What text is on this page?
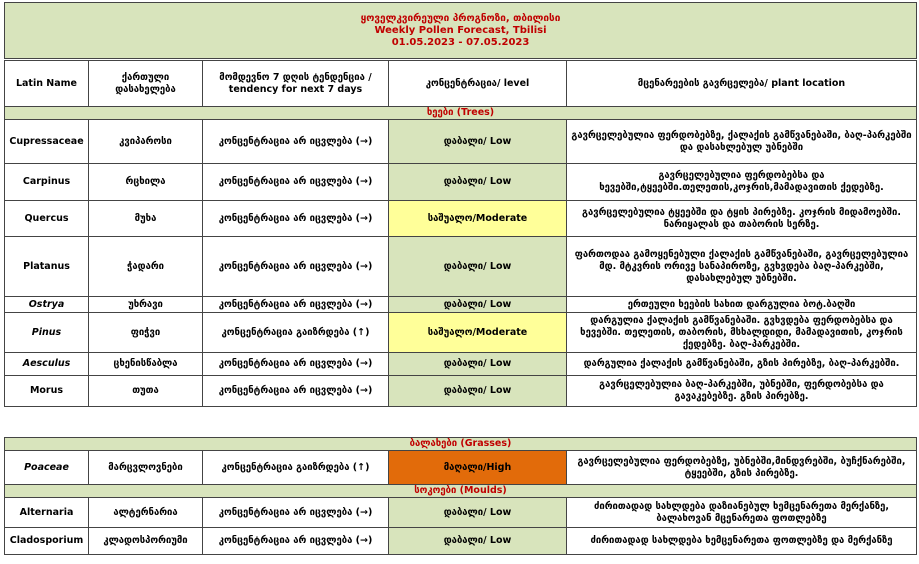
ყოველკვირეული პროგნოზი, თბილისი
Weekly Pollen Forecast, Tbilisi
01.05.2023 - 07.05.2023
Latin Name	ქართული დასახელება	მომდევნო 7 დღის ტენდენცია / tendency for next 7 days	კონცენტრაცია/ level	მცენარეების გავრცელება/ plant location
ხეები (Trees)				
Cupressaceae	კვიპაროსი	კონცენტრაცია არ იცვლება (→)	დაბალი/ Low	გავრცელებულია ფერდობებზე, ქალაქის გამწვანებაში, ბაღ-პარკებში და დასახლებულ უბნებში
Carpinus	რცხილა	კონცენტრაცია არ იცვლება (→)	დაბალი/ Low	გავრცელებულია ფერდობებსა და ხევებში,ტყეებში.თელეთის,კოჯრის,მამადავითის ქედებზე.
Quercus	მუხა	კონცენტრაცია არ იცვლება (→)	საშუალო/Moderate	გავრცელებულია ტყეებში და ტყის პირებზე. კოჯრის მიდამოებში. ნარიყალას და თაბორის სერზე.
Platanus	ჭადარი	კონცენტრაცია არ იცვლება (→)	დაბალი/ Low	ფართოდაა გამოყენებული ქალაქის გამწვანებაში, გავრცელებულია მდ. მტკვრის ორივე სანაპიროზე, გვხვდება ბაღ-პარკებში, დასახლებულ უბნებში.
Ostrya	უხრავი	კონცენტრაცია არ იცვლება (→)	დაბალი/ Low	ერთეული ხეების სახით დარგულია ბოტ.ბაღში
Pinus	ფიჭვი	კონცენტრაცია გაიზრდება (↑)	საშუალო/Moderate	დარგულია ქალაქის გამწვანებაში. გვხვდება ფერდობებსა და ხევებში. თელეთის, თაბორის, მსხალდიდი, მამადავითის, კოჯრის ქედებზე. ბაღ-პარკებში.
Aesculus	ცხენისწაბლა	კონცენტრაცია არ იცვლება (→)	დაბალი/ Low	დარგულია ქალაქის გამწვანებაში, გზის პირებზე, ბაღ-პარკებში.
Morus	თუთა	კონცენტრაცია არ იცვლება (→)	დაბალი/ Low	გავრცელებულია ბაღ-პარკებში, უბნებში, ფერდობებსა და გავაკებებზე. გზის პირებზე.
ბალახები (Grasses)				
Poaceae	მარცვლოვნები	კონცენტრაცია გაიზრდება (↑)	მაღალი/High	გავრცელებულია ფერდობებზე, უბნებში,მინდვრებში, ბუჩქნარებში, ტყეებში, გზის პირებზე.
სოკოები (Moulds)				
Alternaria	ალტერნარია	კონცენტრაცია არ იცვლება (→)	დაბალი/ Low	ძირითადად სახლდება დაზიანებულ ხემცენარეთა მერქანზე, ბალახოვან მცენარეთა ფოთლებზე
Cladosporium	კლადოსპორიუმი	კონცენტრაცია არ იცვლება (→)	დაბალი/ Low	ძირითადად სახლდება ხემცენარეთა ფოთლებზე და მერქანზე
